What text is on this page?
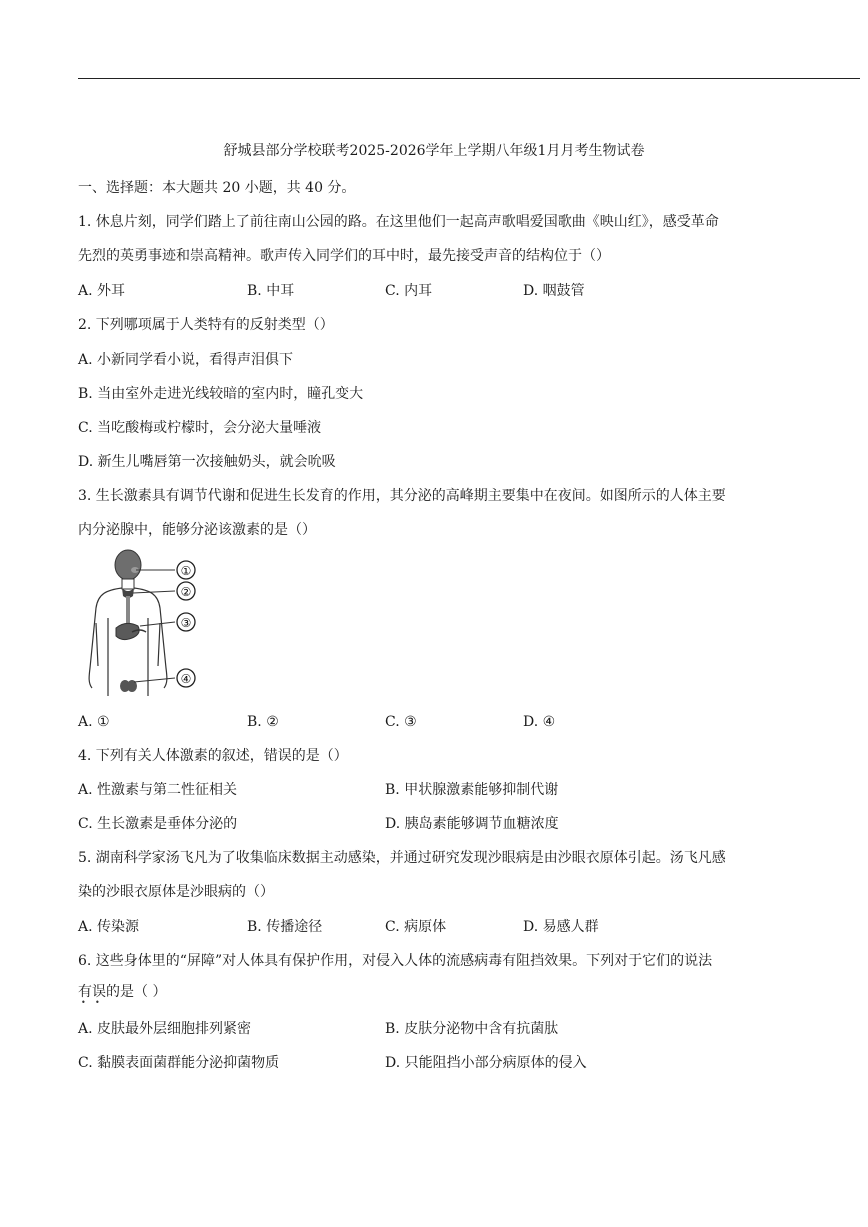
舒城县部分学校联考2025-2026学年上学期八年级1月月考生物试卷
一、选择题：本大题共 20 小题，共 40 分。
1. 休息片刻，同学们踏上了前往南山公园的路。在这里他们一起高声歌唱爱国歌曲《映山红》，感受革命
先烈的英勇事迹和崇高精神。歌声传入同学们的耳中时，最先接受声音的结构位于（）
A. 外耳	B. 中耳	C. 内耳	D. 咽鼓管
2. 下列哪项属于人类特有的反射类型（）
A. 小新同学看小说，看得声泪俱下
B. 当由室外走进光线较暗的室内时，瞳孔变大
C. 当吃酸梅或柠檬时，会分泌大量唾液
D. 新生儿嘴唇第一次接触奶头，就会吮吸
3. 生长激素具有调节代谢和促进生长发育的作用，其分泌的高峰期主要集中在夜间。如图所示的人体主要
内分泌腺中，能够分泌该激素的是（）
①
②
③
④
A. ①	B. ②	C. ③	D. ④
4. 下列有关人体激素的叙述，错误的是（）
A. 性激素与第二性征相关	B. 甲状腺激素能够抑制代谢
C. 生长激素是垂体分泌的	D. 胰岛素能够调节血糖浓度
5. 湖南科学家汤飞凡为了收集临床数据主动感染，并通过研究发现沙眼病是由沙眼衣原体引起。汤飞凡感
染的沙眼衣原体是沙眼病的（）
A. 传染源	B. 传播途径	C. 病原体	D. 易感人群
6. 这些身体里的“屏障”对人体具有保护作用，对侵入人体的流感病毒有阻挡效果。下列对于它们的说法
有误的是（ ）
• •
A. 皮肤最外层细胞排列紧密	B. 皮肤分泌物中含有抗菌肽
C. 黏膜表面菌群能分泌抑菌物质	D. 只能阻挡小部分病原体的侵入
